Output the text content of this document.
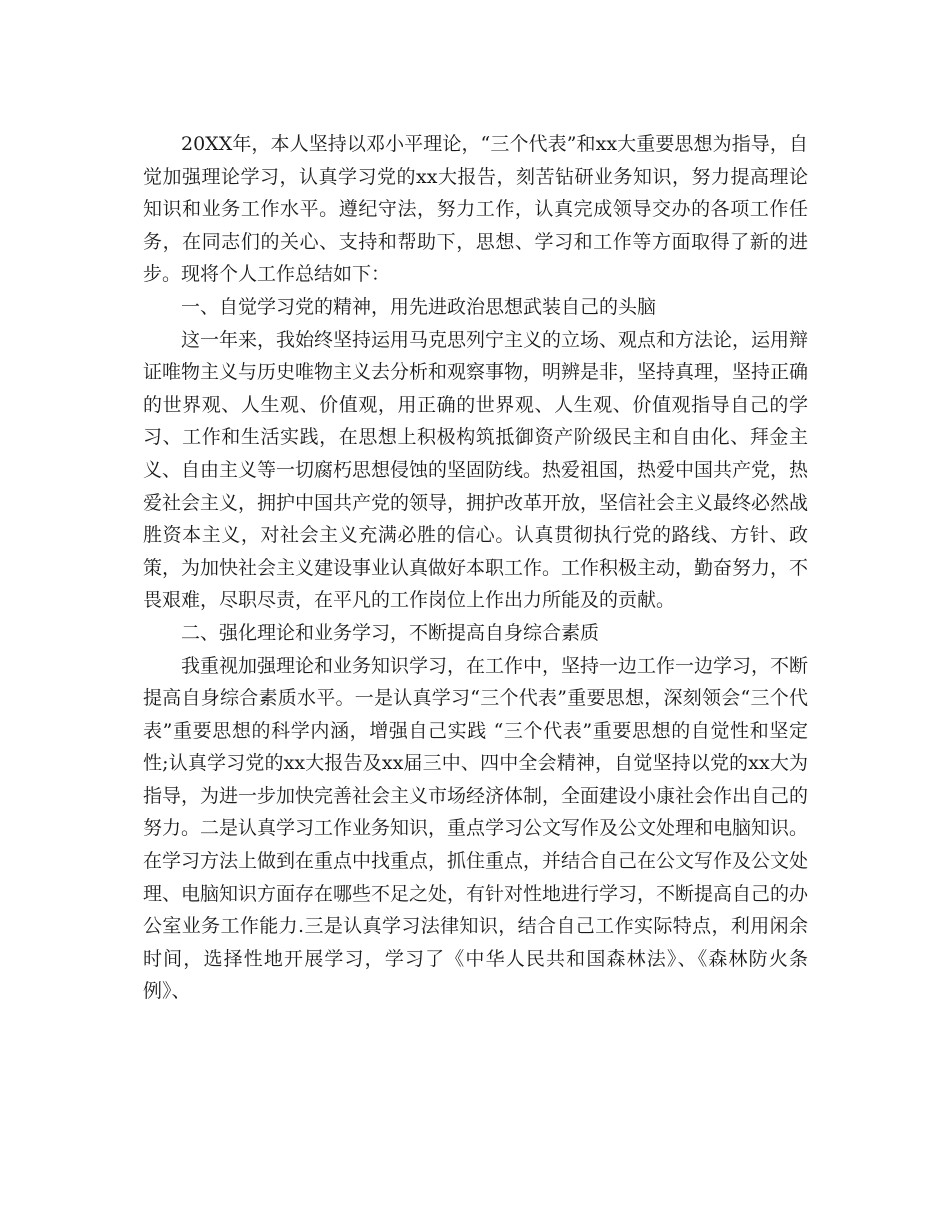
20XX年，本人坚持以邓小平理论，“三个代表”和xx大重要思想为指导，自觉加强理论学习，认真学习党的xx大报告，刻苦钻研业务知识，努力提高理论知识和业务工作水平。遵纪守法，努力工作，认真完成领导交办的各项工作任务，在同志们的关心、支持和帮助下，思想、学习和工作等方面取得了新的进步。现将个人工作总结如下：

一、自觉学习党的精神，用先进政治思想武装自己的头脑

这一年来，我始终坚持运用马克思列宁主义的立场、观点和方法论，运用辩证唯物主义与历史唯物主义去分析和观察事物，明辨是非，坚持真理，坚持正确的世界观、人生观、价值观，用正确的世界观、人生观、价值观指导自己的学习、工作和生活实践，在思想上积极构筑抵御资产阶级民主和自由化、拜金主义、自由主义等一切腐朽思想侵蚀的坚固防线。热爱祖国，热爱中国共产党，热爱社会主义，拥护中国共产党的领导，拥护改革开放，坚信社会主义最终必然战胜资本主义，对社会主义充满必胜的信心。认真贯彻执行党的路线、方针、政策，为加快社会主义建设事业认真做好本职工作。工作积极主动，勤奋努力，不畏艰难，尽职尽责，在平凡的工作岗位上作出力所能及的贡献。

二、强化理论和业务学习，不断提高自身综合素质

我重视加强理论和业务知识学习，在工作中，坚持一边工作一边学习，不断提高自身综合素质水平。一是认真学习“三个代表”重要思想，深刻领会“三个代表”重要思想的科学内涵，增强自己实践 “三个代表”重要思想的自觉性和坚定性;认真学习党的xx大报告及xx届三中、四中全会精神，自觉坚持以党的xx大为指导，为进一步加快完善社会主义市场经济体制，全面建设小康社会作出自己的努力。二是认真学习工作业务知识，重点学习公文写作及公文处理和电脑知识。在学习方法上做到在重点中找重点，抓住重点，并结合自己在公文写作及公文处理、电脑知识方面存在哪些不足之处，有针对性地进行学习，不断提高自己的办公室业务工作能力.三是认真学习法律知识，结合自己工作实际特点，利用闲余时间，选择性地开展学习，学习了《中华人民共和国森林法》、《森林防火条例》、
